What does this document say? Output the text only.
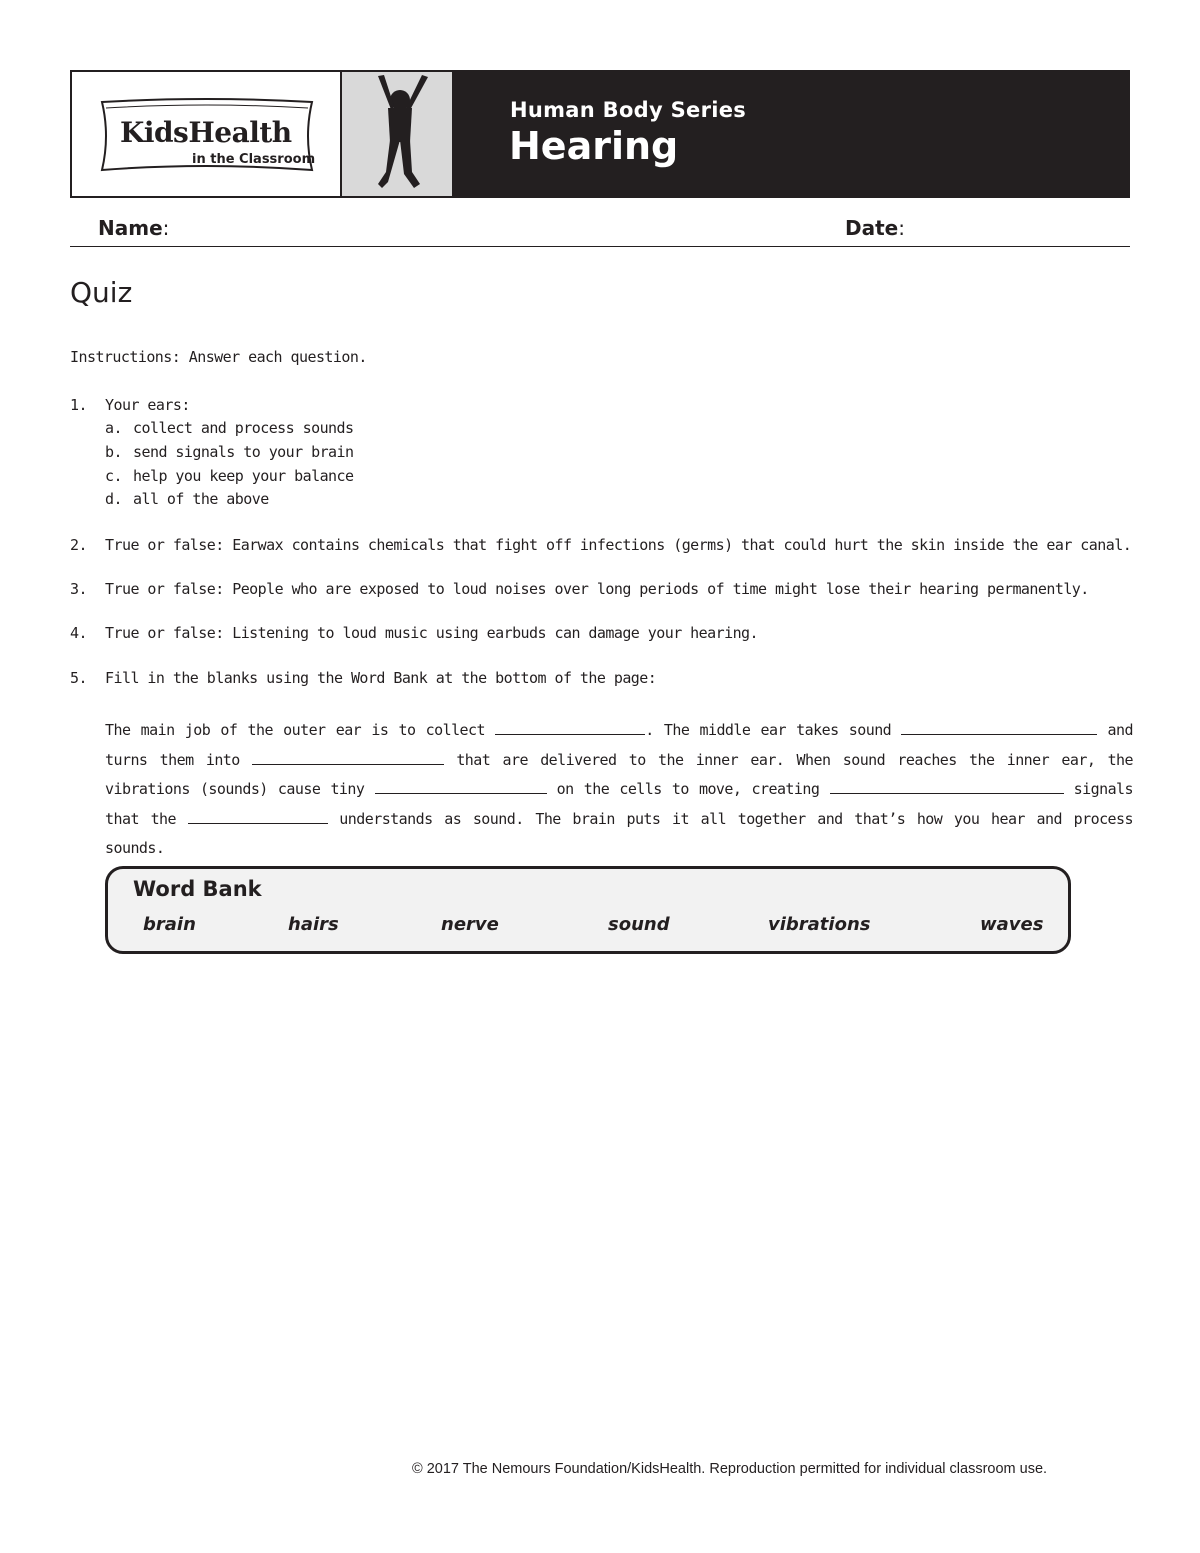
KidsHealth
in the Classroom
Human Body Series
Hearing
Name:	Date:
Quiz
Instructions: Answer each question.
1. Your ears:
a. collect and process sounds
b. send signals to your brain
c. help you keep your balance
d. all of the above
2. True or false: Earwax contains chemicals that fight off infections (germs) that could hurt the skin inside the ear canal.
3. True or false: People who are exposed to loud noises over long periods of time might lose their hearing permanently.
4. True or false: Listening to loud music using earbuds can damage your hearing.
5. Fill in the blanks using the Word Bank at the bottom of the page:
The main job of the outer ear is to collect	. The middle ear takes sound	and turns them into	that are delivered to the inner ear. When sound reaches the inner ear, the vibrations (sounds) cause tiny	on the cells to move, creating	signals that the	understands as sound. The brain puts it all together and that’s how you hear and process sounds.
Word Bank
brain	hairs	nerve	sound	vibrations	waves
© 2017 The Nemours Foundation/KidsHealth. Reproduction permitted for individual classroom use.
